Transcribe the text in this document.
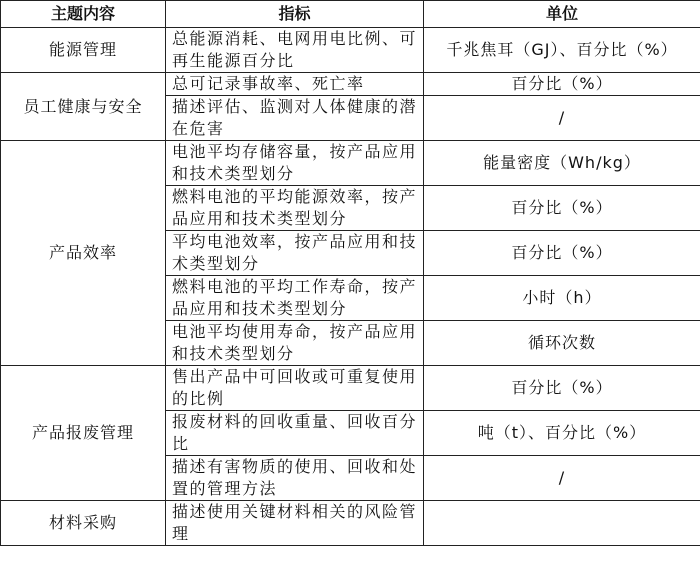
主题内容	指标	单位
能源管理	总能源消耗、电网用电比例、可再生能源百分比	千兆焦耳（GJ）、百分比（%）
员工健康与安全	总可记录事故率、死亡率	百分比（%）
	描述评估、监测对人体健康的潜在危害	/
产品效率	电池平均存储容量，按产品应用和技术类型划分	能量密度（Wh/kg）
	燃料电池的平均能源效率，按产品应用和技术类型划分	百分比（%）
	平均电池效率，按产品应用和技术类型划分	百分比（%）
	燃料电池的平均工作寿命，按产品应用和技术类型划分	小时（h）
	电池平均使用寿命，按产品应用和技术类型划分	循环次数
产品报废管理	售出产品中可回收或可重复使用的比例	百分比（%）
	报废材料的回收重量、回收百分比	吨（t）、百分比（%）
	描述有害物质的使用、回收和处置的管理方法	/
材料采购	描述使用关键材料相关的风险管理	
